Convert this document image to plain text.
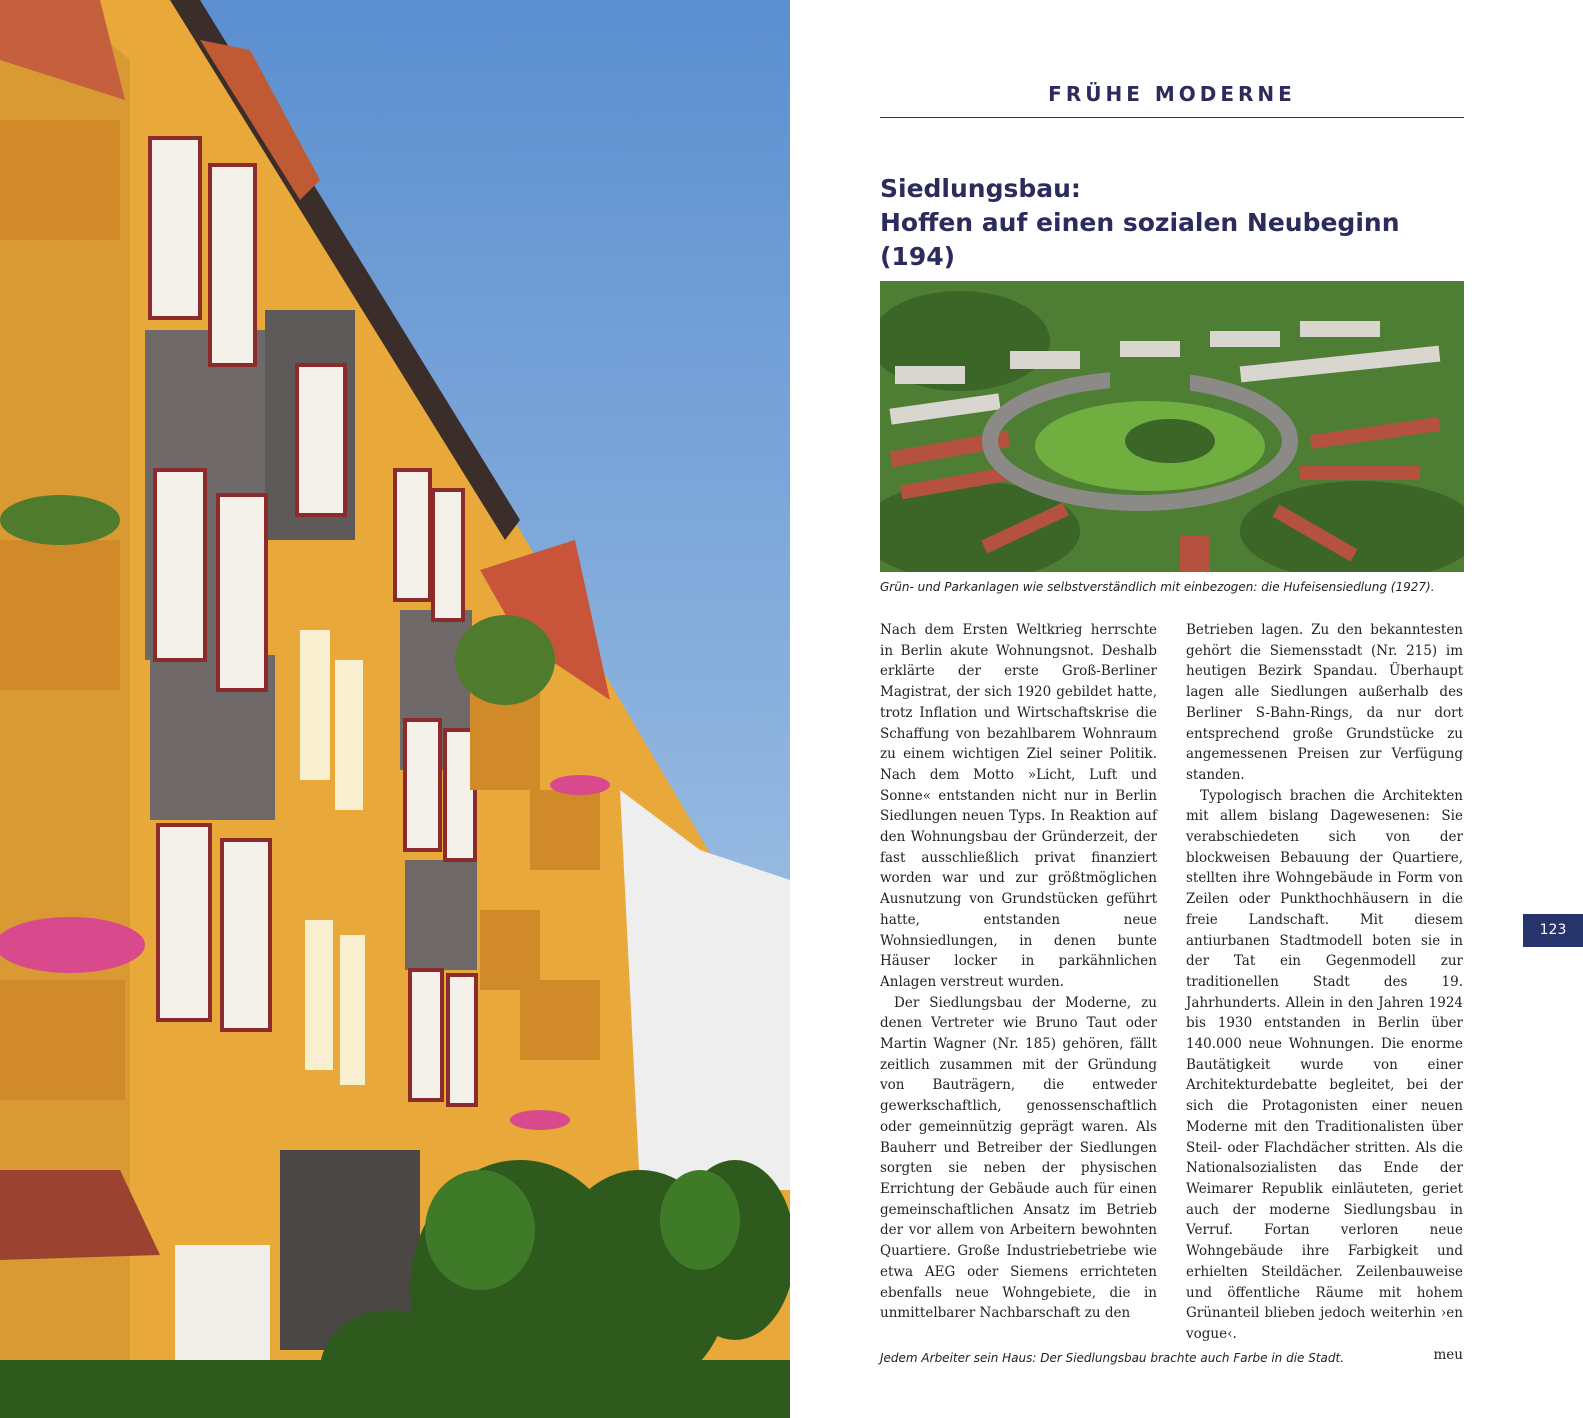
FRÜHE MODERNE
Siedlungsbau:
Hoffen auf einen sozialen Neubeginn (194)
Grün- und Parkanlagen wie selbstverständlich mit einbezogen: die Hufeisensiedlung (1927).

Nach dem Ersten Weltkrieg herrschte in Berlin akute Wohnungsnot. Deshalb erklärte der erste Groß-Berliner Magistrat, der sich 1920 gebildet hatte, trotz Inflation und Wirtschaftskrise die Schaffung von bezahlbarem Wohnraum zu einem wichtigen Ziel seiner Politik. Nach dem Motto »Licht, Luft und Sonne« entstanden nicht nur in Berlin Siedlungen neuen Typs. In Reaktion auf den Wohnungsbau der Gründerzeit, der fast ausschließlich privat finanziert worden war und zur größtmöglichen Ausnutzung von Grundstücken geführt hatte, entstanden neue Wohnsiedlungen, in denen bunte Häuser locker in parkähnlichen Anlagen verstreut wurden.

Der Siedlungsbau der Moderne, zu denen Vertreter wie Bruno Taut oder Martin Wagner (Nr. 185) gehören, fällt zeitlich zusammen mit der Gründung von Bauträgern, die entweder gewerkschaftlich, genossenschaftlich oder gemeinnützig geprägt waren. Als Bauherr und Betreiber der Siedlungen sorgten sie neben der physischen Errichtung der Gebäude auch für einen gemeinschaftlichen Ansatz im Betrieb der vor allem von Arbeitern bewohnten Quartiere. Große Industriebetriebe wie etwa AEG oder Siemens errichteten ebenfalls neue Wohngebiete, die in unmittelbarer Nachbarschaft zu den

Betrieben lagen. Zu den bekanntesten gehört die Siemensstadt (Nr. 215) im heutigen Bezirk Spandau. Überhaupt lagen alle Siedlungen außerhalb des Berliner S-Bahn-Rings, da nur dort entsprechend große Grundstücke zu angemessenen Preisen zur Verfügung standen.

Typologisch brachen die Architekten mit allem bislang Dagewesenen: Sie verabschiedeten sich von der blockweisen Bebauung der Quartiere, stellten ihre Wohngebäude in Form von Zeilen oder Punkthochhäusern in die freie Landschaft. Mit diesem antiurbanen Stadtmodell boten sie in der Tat ein Gegenmodell zur traditionellen Stadt des 19. Jahrhunderts. Allein in den Jahren 1924 bis 1930 entstanden in Berlin über 140.000 neue Wohnungen. Die enorme Bautätigkeit wurde von einer Architekturdebatte begleitet, bei der sich die Protagonisten einer neuen Moderne mit den Traditionalisten über Steil- oder Flachdächer stritten. Als die Nationalsozialisten das Ende der Weimarer Republik einläuteten, geriet auch der moderne Siedlungsbau in Verruf. Fortan verloren neue Wohngebäude ihre Farbigkeit und erhielten Steildächer. Zeilenbauweise und öffentliche Räume mit hohem Grünanteil blieben jedoch weiterhin ›en vogue‹.

meu
123
Jedem Arbeiter sein Haus: Der Siedlungsbau brachte auch Farbe in die Stadt.
